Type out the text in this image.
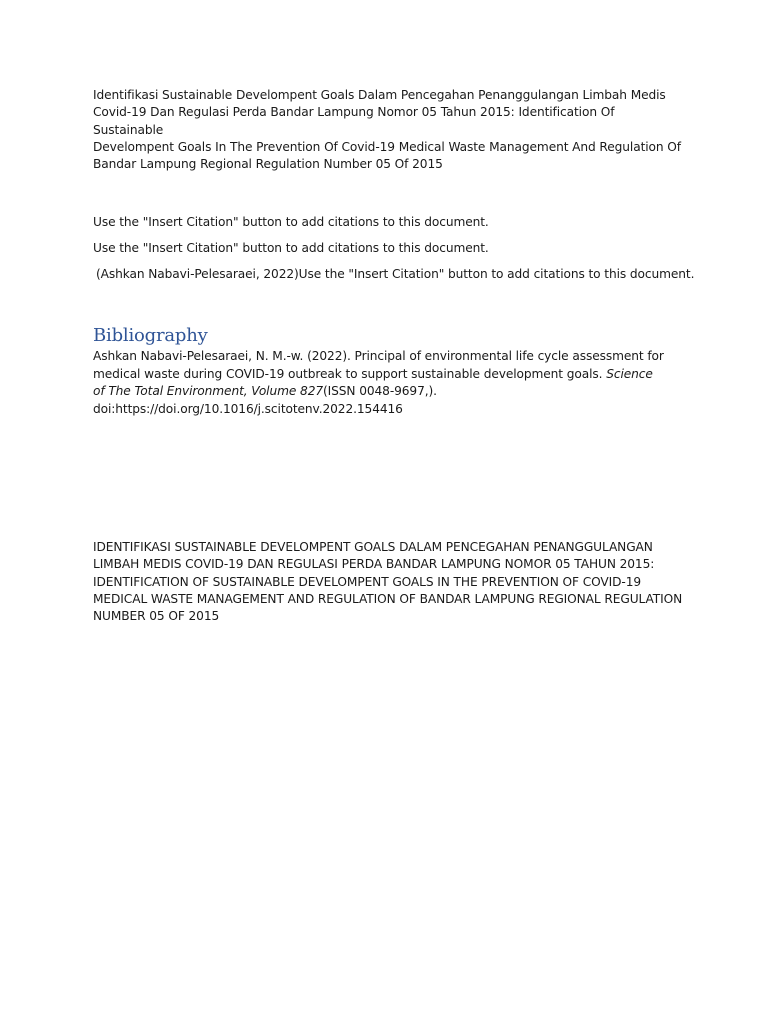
Identifikasi Sustainable Develompent Goals Dalam Pencegahan Penanggulangan Limbah Medis
Covid-19 Dan Regulasi Perda Bandar Lampung Nomor 05 Tahun 2015: Identification Of Sustainable
Develompent Goals In The Prevention Of Covid-19 Medical Waste Management And Regulation Of
Bandar Lampung Regional Regulation Number 05 Of 2015
Use the "Insert Citation" button to add citations to this document.
Use the "Insert Citation" button to add citations to this document.
(Ashkan Nabavi-Pelesaraei, 2022)Use the "Insert Citation" button to add citations to this document.
Bibliography
Ashkan Nabavi-Pelesaraei, N. M.-w. (2022). Principal of environmental life cycle assessment for
medical waste during COVID-19 outbreak to support sustainable development goals. Science
of The Total Environment, Volume 827(ISSN 0048-9697,).
doi:https://doi.org/10.1016/j.scitotenv.2022.154416
IDENTIFIKASI SUSTAINABLE DEVELOMPENT GOALS DALAM PENCEGAHAN PENANGGULANGAN
LIMBAH MEDIS COVID-19 DAN REGULASI PERDA BANDAR LAMPUNG NOMOR 05 TAHUN 2015:
IDENTIFICATION OF SUSTAINABLE DEVELOMPENT GOALS IN THE PREVENTION OF COVID-19
MEDICAL WASTE MANAGEMENT AND REGULATION OF BANDAR LAMPUNG REGIONAL REGULATION
NUMBER 05 OF 2015
